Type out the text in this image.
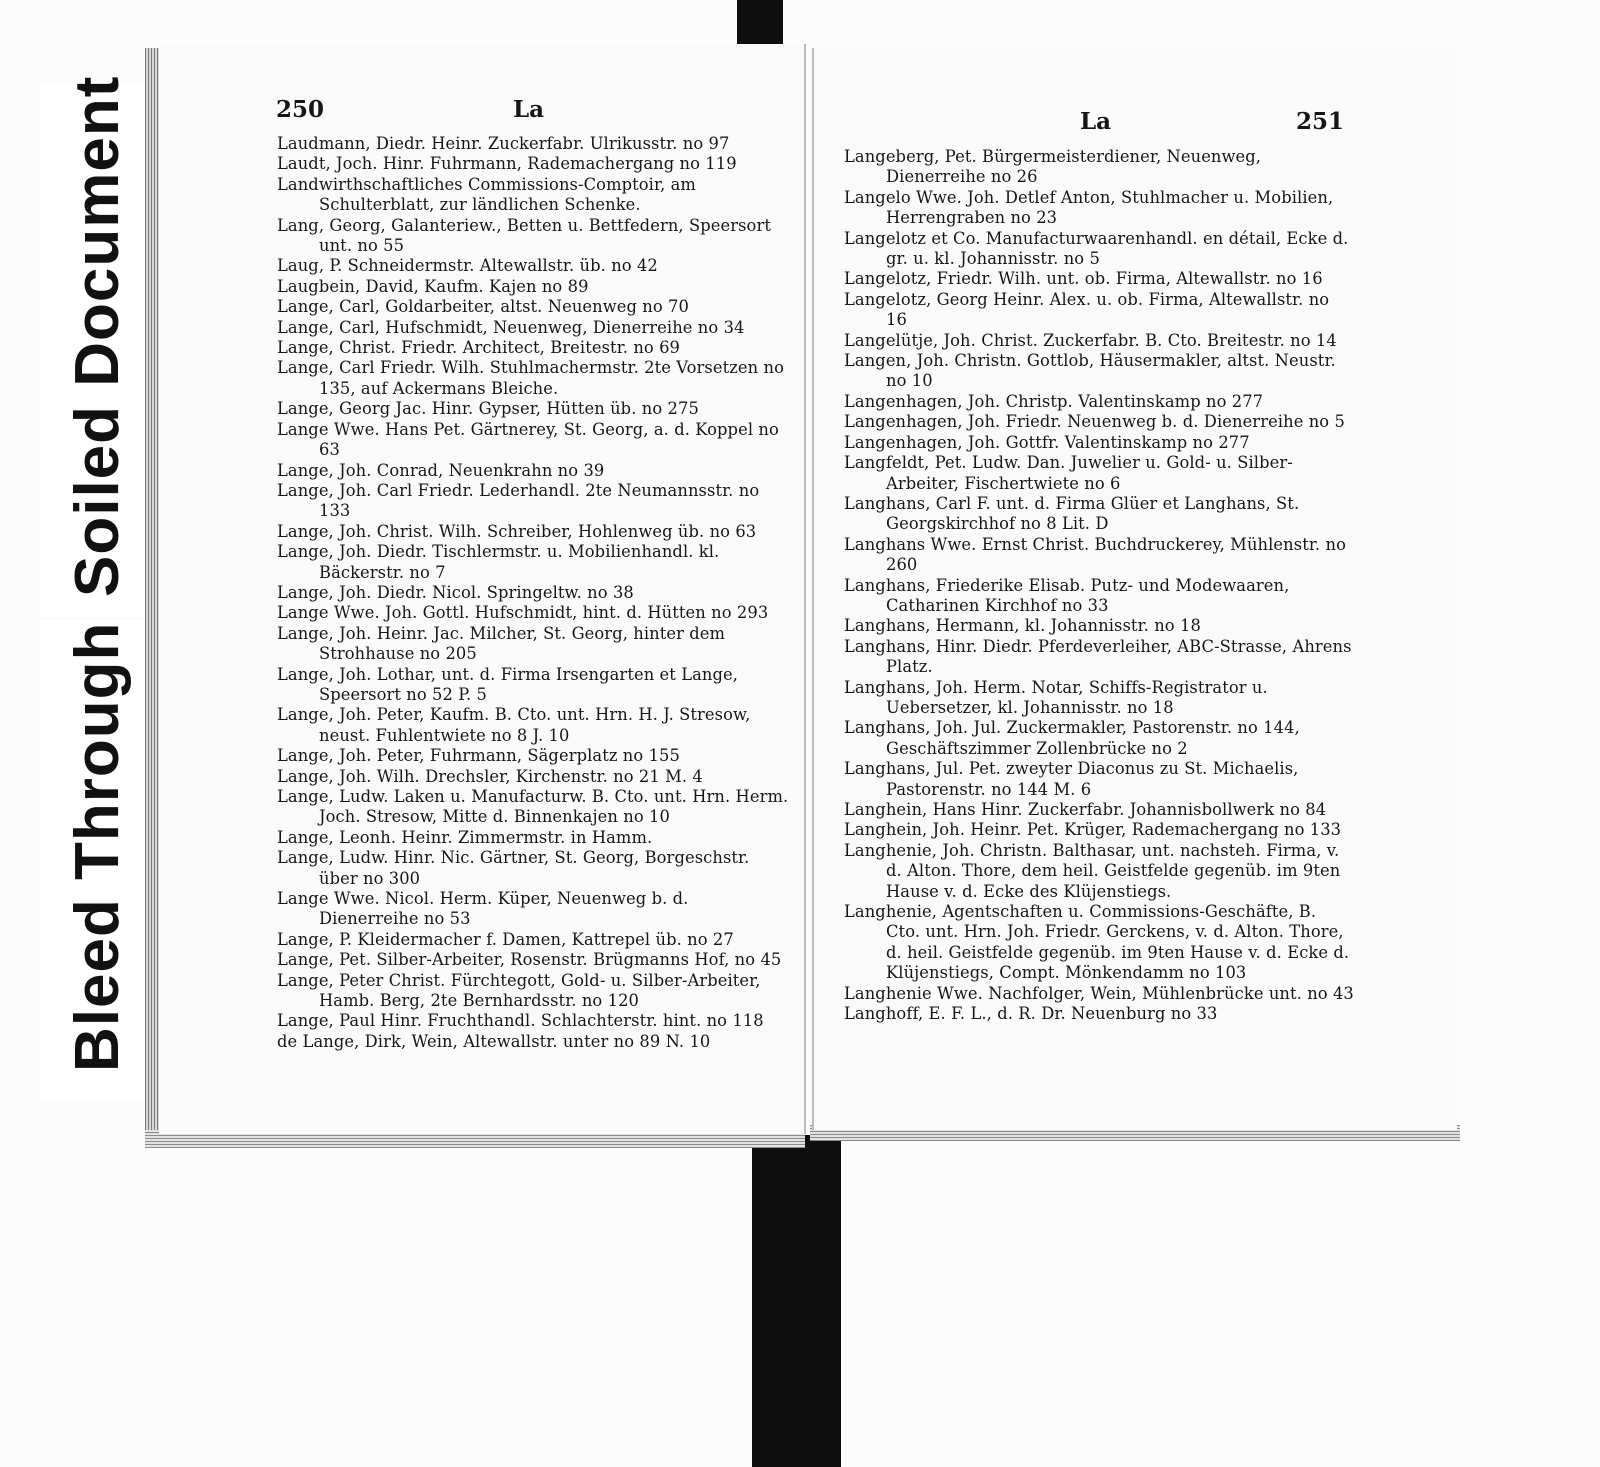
Soiled Document
Bleed Through
250	La
Laudmann, Diedr. Heinr. Zuckerfabr. Ulrikusstr. no 97
Laudt, Joch. Hinr. Fuhrmann, Rademachergang no 119
Landwirthschaftliches Commissions-Comptoir, am Schulterblatt, zur ländlichen Schenke.
Lang, Georg, Galanteriew., Betten u. Bettfedern, Speersort unt. no 55
Laug, P. Schneidermstr. Altewallstr. üb. no 42
Laugbein, David, Kaufm. Kajen no 89
Lange, Carl, Goldarbeiter, altst. Neuenweg no 70
Lange, Carl, Hufschmidt, Neuenweg, Dienerreihe no 34
Lange, Christ. Friedr. Architect, Breitestr. no 69
Lange, Carl Friedr. Wilh. Stuhlmachermstr. 2te Vorsetzen no 135, auf Ackermans Bleiche.
Lange, Georg Jac. Hinr. Gypser, Hütten üb. no 275
Lange Wwe. Hans Pet. Gärtnerey, St. Georg, a. d. Koppel no 63
Lange, Joh. Conrad, Neuenkrahn no 39
Lange, Joh. Carl Friedr. Lederhandl. 2te Neumannsstr. no 133
Lange, Joh. Christ. Wilh. Schreiber, Hohlenweg üb. no 63
Lange, Joh. Diedr. Tischlermstr. u. Mobilienhandl. kl. Bäckerstr. no 7
Lange, Joh. Diedr. Nicol. Springeltw. no 38
Lange Wwe. Joh. Gottl. Hufschmidt, hint. d. Hütten no 293
Lange, Joh. Heinr. Jac. Milcher, St. Georg, hinter dem Strohhause no 205
Lange, Joh. Lothar, unt. d. Firma Irsengarten et Lange, Speersort no 52 P. 5
Lange, Joh. Peter, Kaufm. B. Cto. unt. Hrn. H. J. Stresow, neust. Fuhlentwiete no 8 J. 10
Lange, Joh. Peter, Fuhrmann, Sägerplatz no 155
Lange, Joh. Wilh. Drechsler, Kirchenstr. no 21 M. 4
Lange, Ludw. Laken u. Manufacturw. B. Cto. unt. Hrn. Herm. Joch. Stresow, Mitte d. Binnenkajen no 10
Lange, Leonh. Heinr. Zimmermstr. in Hamm.
Lange, Ludw. Hinr. Nic. Gärtner, St. Georg, Borgeschstr. über no 300
Lange Wwe. Nicol. Herm. Küper, Neuenweg b. d. Dienerreihe no 53
Lange, P. Kleidermacher f. Damen, Kattrepel üb. no 27
Lange, Pet. Silber-Arbeiter, Rosenstr. Brügmanns Hof, no 45
Lange, Peter Christ. Fürchtegott, Gold- u. Silber-Arbeiter, Hamb. Berg, 2te Bernhardsstr. no 120
Lange, Paul Hinr. Fruchthandl. Schlachterstr. hint. no 118
de Lange, Dirk, Wein, Altewallstr. unter no 89 N. 10
La	251
Langeberg, Pet. Bürgermeisterdiener, Neuenweg, Dienerreihe no 26
Langelo Wwe. Joh. Detlef Anton, Stuhlmacher u. Mobilien, Herrengraben no 23
Langelotz et Co. Manufacturwaarenhandl. en détail, Ecke d. gr. u. kl. Johannisstr. no 5
Langelotz, Friedr. Wilh. unt. ob. Firma, Altewallstr. no 16
Langelotz, Georg Heinr. Alex. u. ob. Firma, Altewallstr. no 16
Langelütje, Joh. Christ. Zuckerfabr. B. Cto. Breitestr. no 14
Langen, Joh. Christn. Gottlob, Häusermakler, altst. Neustr. no 10
Langenhagen, Joh. Christp. Valentinskamp no 277
Langenhagen, Joh. Friedr. Neuenweg b. d. Dienerreihe no 5
Langenhagen, Joh. Gottfr. Valentinskamp no 277
Langfeldt, Pet. Ludw. Dan. Juwelier u. Gold- u. Silber-Arbeiter, Fischertwiete no 6
Langhans, Carl F. unt. d. Firma Glüer et Langhans, St. Georgskirchhof no 8 Lit. D
Langhans Wwe. Ernst Christ. Buchdruckerey, Mühlenstr. no 260
Langhans, Friederike Elisab. Putz- und Modewaaren, Catharinen Kirchhof no 33
Langhans, Hermann, kl. Johannisstr. no 18
Langhans, Hinr. Diedr. Pferdeverleiher, ABC-Strasse, Ahrens Platz.
Langhans, Joh. Herm. Notar, Schiffs-Registrator u. Uebersetzer, kl. Johannisstr. no 18
Langhans, Joh. Jul. Zuckermakler, Pastorenstr. no 144, Geschäftszimmer Zollenbrücke no 2
Langhans, Jul. Pet. zweyter Diaconus zu St. Michaelis, Pastorenstr. no 144 M. 6
Langhein, Hans Hinr. Zuckerfabr. Johannisbollwerk no 84
Langhein, Joh. Heinr. Pet. Krüger, Rademachergang no 133
Langhenie, Joh. Christn. Balthasar, unt. nachsteh. Firma, v. d. Alton. Thore, dem heil. Geistfelde gegenüb. im 9ten Hause v. d. Ecke des Klüjenstiegs.
Langhenie, Agentschaften u. Commissions-Geschäfte, B. Cto. unt. Hrn. Joh. Friedr. Gerckens, v. d. Alton. Thore, d. heil. Geistfelde gegenüb. im 9ten Hause v. d. Ecke d. Klüjenstiegs, Compt. Mönkendamm no 103
Langhenie Wwe. Nachfolger, Wein, Mühlenbrücke unt. no 43
Langhoff, E. F. L., d. R. Dr. Neuenburg no 33
